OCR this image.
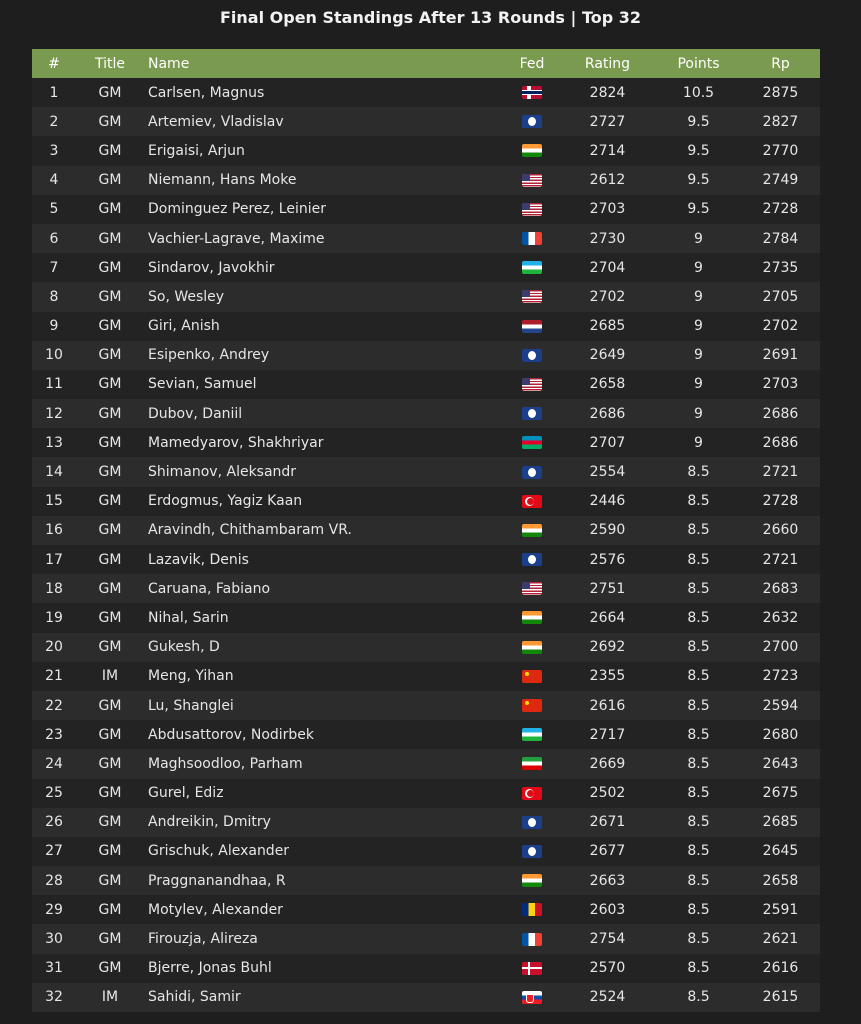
Final Open Standings After 13 Rounds | Top 32
#	Title	Name	Fed	Rating	Points	Rp
1	GM	Carlsen, Magnus		2824	10.5	2875
2	GM	Artemiev, Vladislav		2727	9.5	2827
3	GM	Erigaisi, Arjun		2714	9.5	2770
4	GM	Niemann, Hans Moke		2612	9.5	2749
5	GM	Dominguez Perez, Leinier		2703	9.5	2728
6	GM	Vachier-Lagrave, Maxime		2730	9	2784
7	GM	Sindarov, Javokhir		2704	9	2735
8	GM	So, Wesley		2702	9	2705
9	GM	Giri, Anish		2685	9	2702
10	GM	Esipenko, Andrey		2649	9	2691
11	GM	Sevian, Samuel		2658	9	2703
12	GM	Dubov, Daniil		2686	9	2686
13	GM	Mamedyarov, Shakhriyar		2707	9	2686
14	GM	Shimanov, Aleksandr		2554	8.5	2721
15	GM	Erdogmus, Yagiz Kaan		2446	8.5	2728
16	GM	Aravindh, Chithambaram VR.		2590	8.5	2660
17	GM	Lazavik, Denis		2576	8.5	2721
18	GM	Caruana, Fabiano		2751	8.5	2683
19	GM	Nihal, Sarin		2664	8.5	2632
20	GM	Gukesh, D		2692	8.5	2700
21	IM	Meng, Yihan		2355	8.5	2723
22	GM	Lu, Shanglei		2616	8.5	2594
23	GM	Abdusattorov, Nodirbek		2717	8.5	2680
24	GM	Maghsoodloo, Parham		2669	8.5	2643
25	GM	Gurel, Ediz		2502	8.5	2675
26	GM	Andreikin, Dmitry		2671	8.5	2685
27	GM	Grischuk, Alexander		2677	8.5	2645
28	GM	Praggnanandhaa, R		2663	8.5	2658
29	GM	Motylev, Alexander		2603	8.5	2591
30	GM	Firouzja, Alireza		2754	8.5	2621
31	GM	Bjerre, Jonas Buhl		2570	8.5	2616
32	IM	Sahidi, Samir		2524	8.5	2615
